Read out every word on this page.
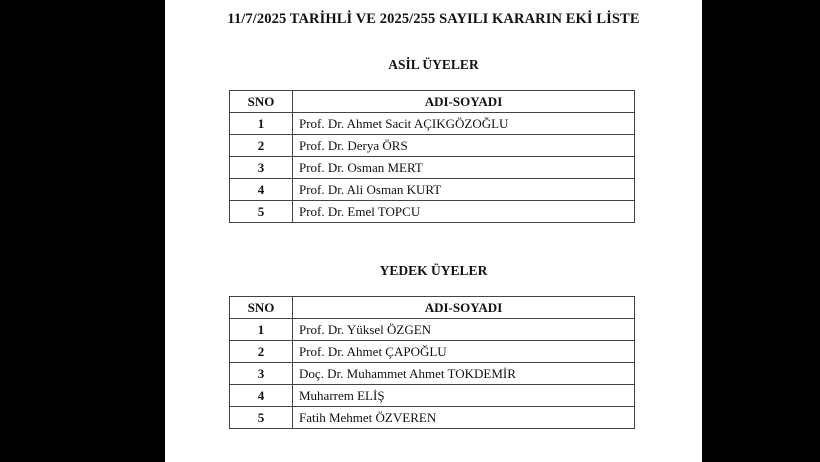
11/7/2025 TARİHLİ VE 2025/255 SAYILI KARARIN EKİ LİSTE
ASİL ÜYELER
SNO	ADI-SOYADI
1	Prof. Dr. Ahmet Sacit AÇIKGÖZOĞLU
2	Prof. Dr. Derya ÖRS
3	Prof. Dr. Osman MERT
4	Prof. Dr. Ali Osman KURT
5	Prof. Dr. Emel TOPCU
YEDEK ÜYELER
SNO	ADI-SOYADI
1	Prof. Dr. Yüksel ÖZGEN
2	Prof. Dr. Ahmet ÇAPOĞLU
3	Doç. Dr. Muhammet Ahmet TOKDEMİR
4	Muharrem ELİŞ
5	Fatih Mehmet ÖZVEREN
